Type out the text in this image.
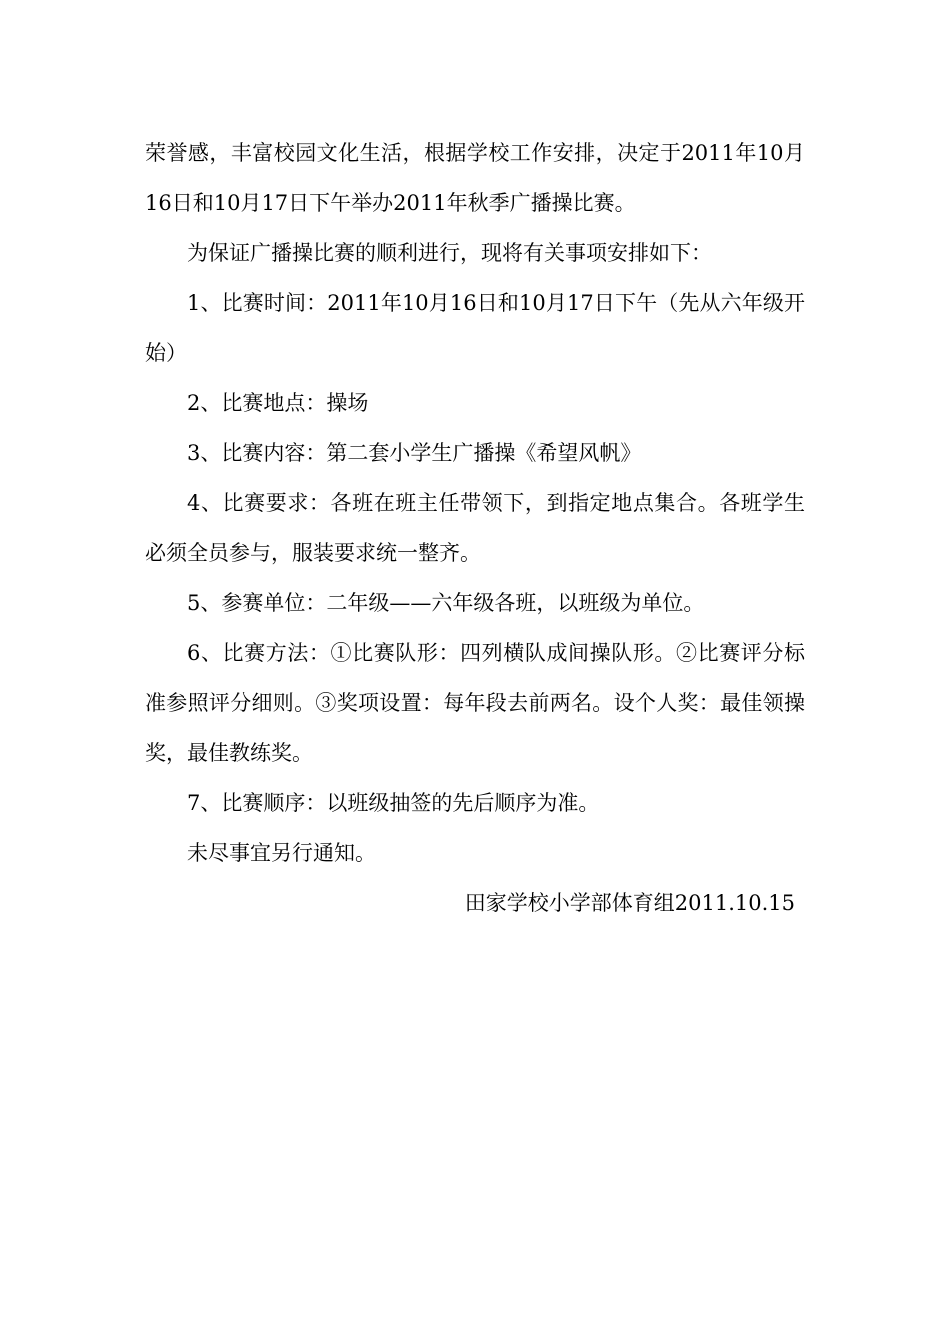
荣誉感，丰富校园文化生活，根据学校工作安排，决定于2011年10月16日和10月17日下午举办2011年秋季广播操比赛。

为保证广播操比赛的顺利进行，现将有关事项安排如下：

1、比赛时间：2011年10月16日和10月17日下午（先从六年级开始）

2、比赛地点：操场

3、比赛内容：第二套小学生广播操《希望风帆》

4、比赛要求：各班在班主任带领下，到指定地点集合。各班学生必须全员参与，服装要求统一整齐。

5、参赛单位：二年级——六年级各班，以班级为单位。

6、比赛方法：①比赛队形：四列横队成间操队形。②比赛评分标准参照评分细则。③奖项设置：每年段去前两名。设个人奖：最佳领操奖，最佳教练奖。

7、比赛顺序：以班级抽签的先后顺序为准。

未尽事宜另行通知。

田家学校小学部体育组2011.10.15
